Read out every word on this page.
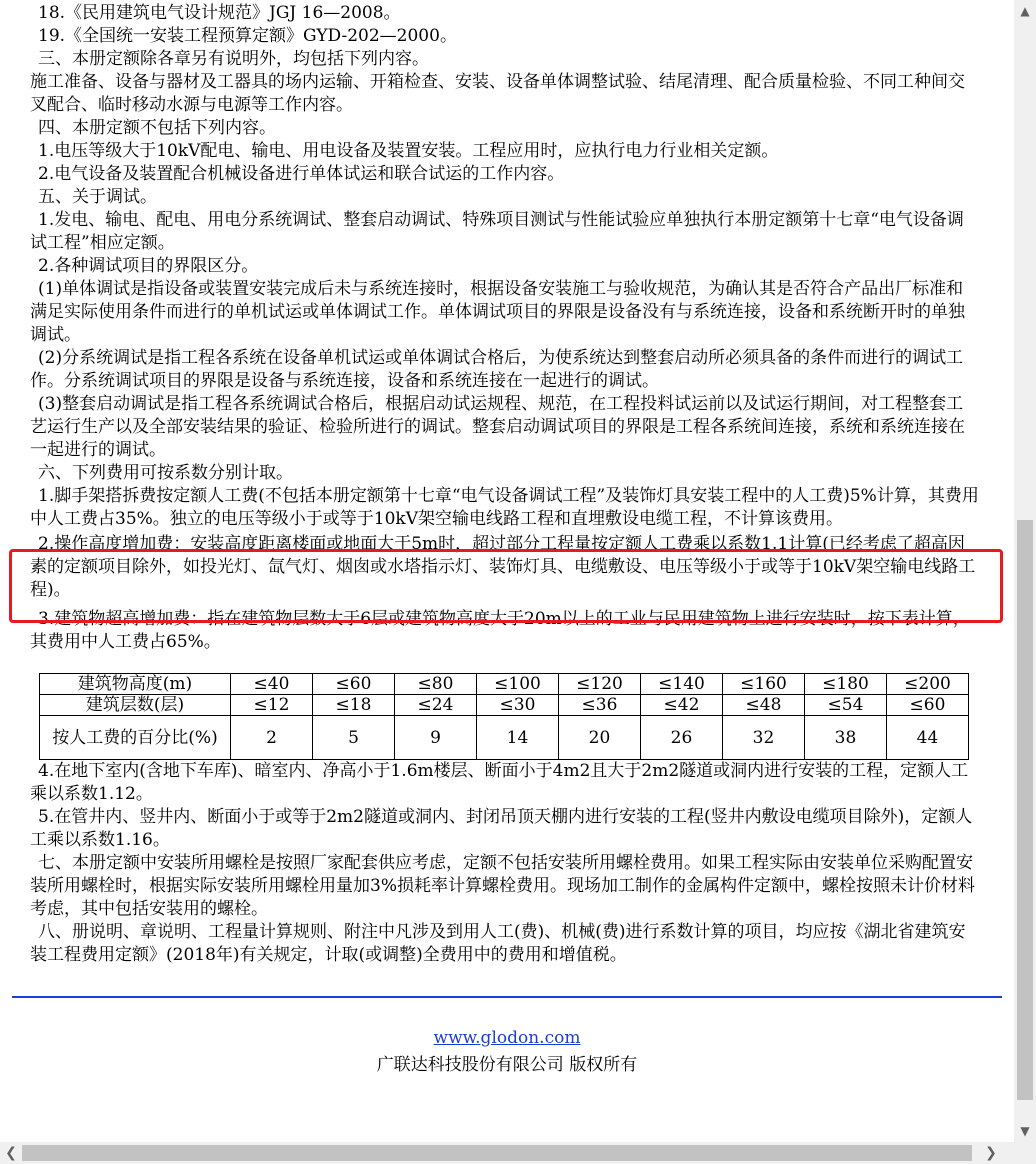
18.《民用建筑电气设计规范》JGJ 16—2008。
19.《全国统一安装工程预算定额》GYD-202—2000。
三、本册定额除各章另有说明外，均包括下列内容。
施工准备、设备与器材及工器具的场内运输、开箱检查、安装、设备单体调整试验、结尾清理、配合质量检验、不同工种间交叉配合、临时移动水源与电源等工作内容。
四、本册定额不包括下列内容。
1.电压等级大于10kV配电、输电、用电设备及装置安装。工程应用时，应执行电力行业相关定额。
2.电气设备及装置配合机械设备进行单体试运和联合试运的工作内容。
五、关于调试。
1.发电、输电、配电、用电分系统调试、整套启动调试、特殊项目测试与性能试验应单独执行本册定额第十七章“电气设备调试工程”相应定额。
2.各种调试项目的界限区分。
(1)单体调试是指设备或装置安装完成后未与系统连接时，根据设备安装施工与验收规范，为确认其是否符合产品出厂标准和满足实际使用条件而进行的单机试运或单体调试工作。单体调试项目的界限是设备没有与系统连接，设备和系统断开时的单独调试。
(2)分系统调试是指工程各系统在设备单机试运或单体调试合格后，为使系统达到整套启动所必须具备的条件而进行的调试工作。分系统调试项目的界限是设备与系统连接，设备和系统连接在一起进行的调试。
(3)整套启动调试是指工程各系统调试合格后，根据启动试运规程、规范，在工程投料试运前以及试运行期间，对工程整套工艺运行生产以及全部安装结果的验证、检验所进行的调试。整套启动调试项目的界限是工程各系统间连接，系统和系统连接在一起进行的调试。
六、下列费用可按系数分别计取。
1.脚手架搭拆费按定额人工费(不包括本册定额第十七章“电气设备调试工程”及装饰灯具安装工程中的人工费)5%计算，其费用中人工费占35%。独立的电压等级小于或等于10kV架空输电线路工程和直埋敷设电缆工程，不计算该费用。
2.操作高度增加费：安装高度距离楼面或地面大于5m时，超过部分工程量按定额人工费乘以系数1.1计算(已经考虑了超高因素的定额项目除外，如投光灯、氙气灯、烟囱或水塔指示灯、装饰灯具、电缆敷设、电压等级小于或等于10kV架空输电线路工程)。
3.建筑物超高增加费：指在建筑物层数大于6层或建筑物高度大于20m以上的工业与民用建筑物上进行安装时，按下表计算，其费用中人工费占65%。
建筑物高度(m)	≤40	≤60	≤80	≤100	≤120	≤140	≤160	≤180	≤200
建筑层数(层)	≤12	≤18	≤24	≤30	≤36	≤42	≤48	≤54	≤60
按人工费的百分比(%)	2	5	9	14	20	26	32	38	44
4.在地下室内(含地下车库)、暗室内、净高小于1.6m楼层、断面小于4m2且大于2m2隧道或洞内进行安装的工程，定额人工乘以系数1.12。
5.在管井内、竖井内、断面小于或等于2m2隧道或洞内、封闭吊顶天棚内进行安装的工程(竖井内敷设电缆项目除外)，定额人工乘以系数1.16。
七、本册定额中安装所用螺栓是按照厂家配套供应考虑，定额不包括安装所用螺栓费用。如果工程实际由安装单位采购配置安装所用螺栓时，根据实际安装所用螺栓用量加3%损耗率计算螺栓费用。现场加工制作的金属构件定额中，螺栓按照未计价材料考虑，其中包括安装用的螺栓。
八、册说明、章说明、工程量计算规则、附注中凡涉及到用人工(费)、机械(费)进行系数计算的项目，均应按《湖北省建筑安装工程费用定额》(2018年)有关规定，计取(或调整)全费用中的费用和增值税。
www.glodon.com
广联达科技股份有限公司 版权所有
▲
▼
❮	❯
